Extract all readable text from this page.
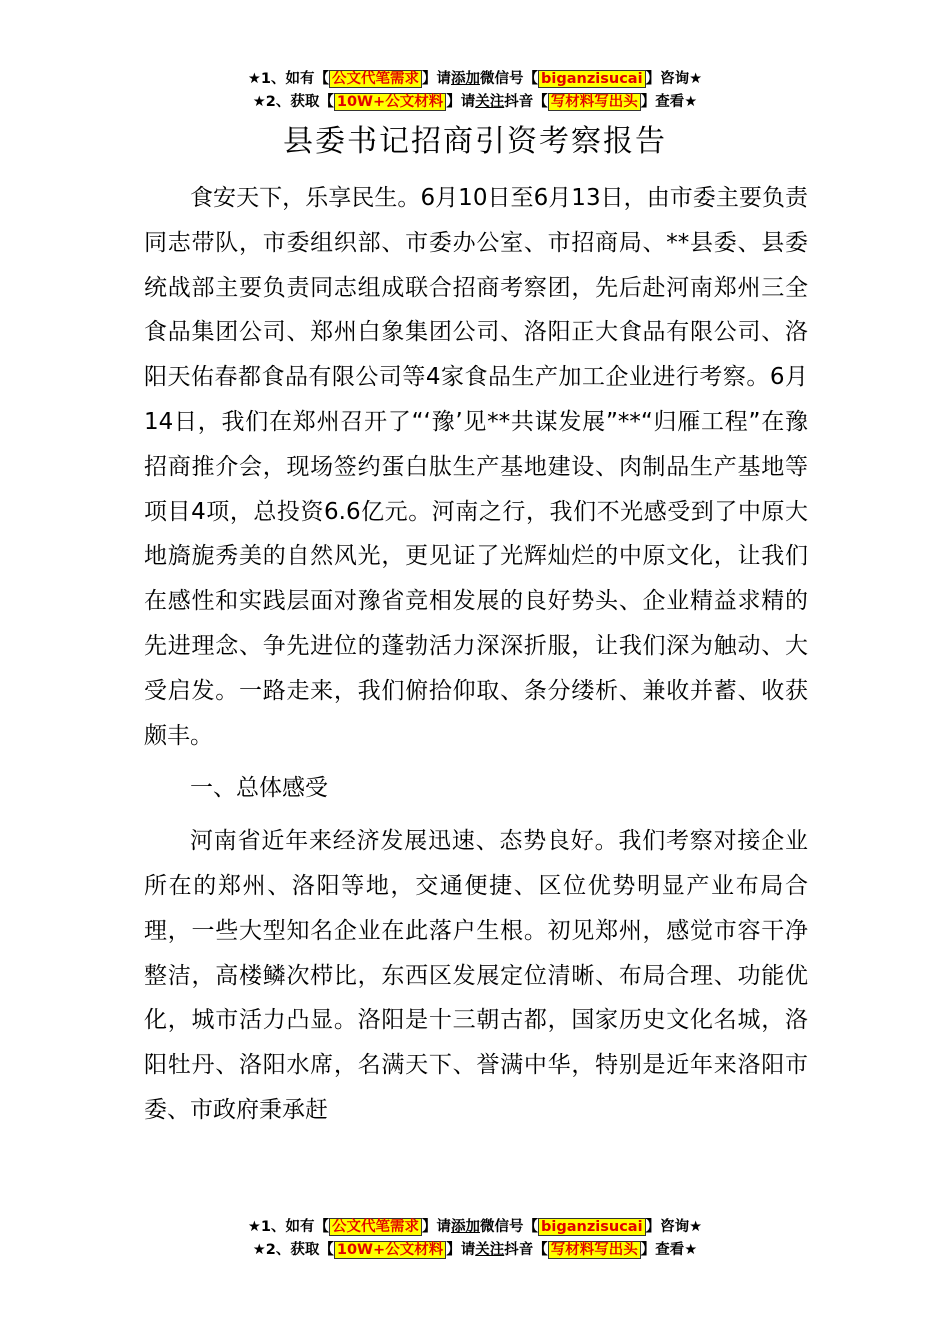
★1、如有【 公文代笔需求 】请添加微信号【 biganzisucai 】咨询★
★2、获取【 10W+公文材料 】请关注抖音【 写材料写出头 】查看★
县委书记招商引资考察报告

食安天下，乐享民生。6月10日至6月13日，由市委主要负责同志带队，市委组织部、市委办公室、市招商局、**县委、县委统战部主要负责同志组成联合招商考察团，先后赴河南郑州三全食品集团公司、郑州白象集团公司、洛阳正大食品有限公司、洛阳天佑春都食品有限公司等4家食品生产加工企业进行考察。6月14日，我们在郑州召开了“‘豫’见**共谋发展”**“归雁工程”在豫招商推介会，现场签约蛋白肽生产基地建设、肉制品生产基地等项目4项，总投资6.6亿元。河南之行，我们不光感受到了中原大地旖旎秀美的自然风光，更见证了光辉灿烂的中原文化，让我们在感性和实践层面对豫省竞相发展的良好势头、企业精益求精的先进理念、争先进位的蓬勃活力深深折服，让我们深为触动、大受启发。一路走来，我们俯拾仰取、条分缕析、兼收并蓄、收获颇丰。

一、总体感受

河南省近年来经济发展迅速、态势良好。我们考察对接企业所在的郑州、洛阳等地，交通便捷、区位优势明显产业布局合理，一些大型知名企业在此落户生根。初见郑州，感觉市容干净整洁，高楼鳞次栉比，东西区发展定位清晰、布局合理、功能优化，城市活力凸显。洛阳是十三朝古都，国家历史文化名城，洛阳牡丹、洛阳水席，名满天下、誉满中华，特别是近年来洛阳市委、市政府秉承赶

★1、如有【 公文代笔需求 】请添加微信号【 biganzisucai 】咨询★
★2、获取【 10W+公文材料 】请关注抖音【 写材料写出头 】查看★
